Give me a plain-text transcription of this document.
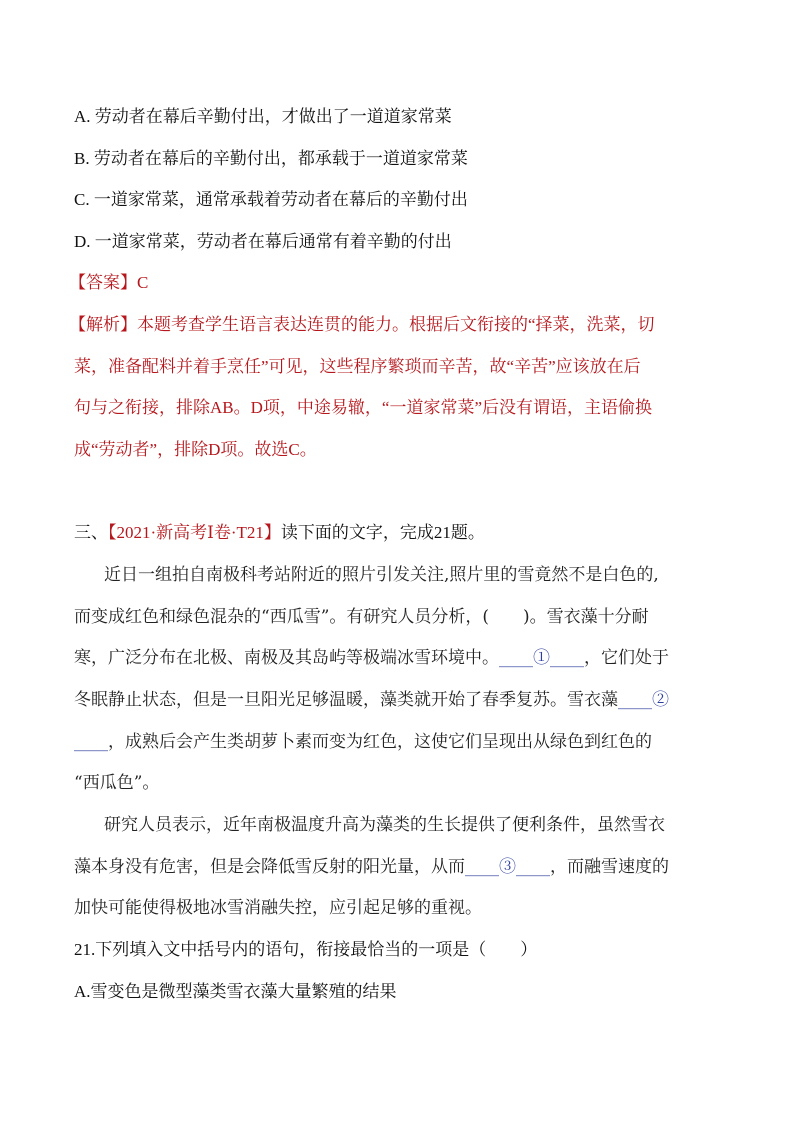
A. 劳动者在幕后辛勤付出，才做出了一道道家常菜
B. 劳动者在幕后的辛勤付出，都承载于一道道家常菜
C. 一道家常菜，通常承载着劳动者在幕后的辛勤付出
D. 一道家常菜，劳动者在幕后通常有着辛勤的付出
【答案】C
【解析】本题考查学生语言表达连贯的能力。根据后文衔接的“择菜，洗菜，切
菜，准备配料并着手烹任”可见，这些程序繁琐而辛苦，故“辛苦”应该放在后
句与之衔接，排除AB。D项，中途易辙，“一道家常菜”后没有谓语，主语偷换
成“劳动者”，排除D项。故选C。
三、【2021·新高考Ⅰ卷·T21】读下面的文字，完成21题。
近日一组拍自南极科考站附近的照片引发关注,照片里的雪竟然不是白色的,
而变成红色和绿色混杂的“西瓜雪”。有研究人员分析，(　　)。雪衣藻十分耐
寒，广泛分布在北极、南极及其岛屿等极端冰雪环境中。____①____，它们处于
冬眠静止状态，但是一旦阳光足够温暖，藻类就开始了春季复苏。雪衣藻____②
____，成熟后会产生类胡萝卜素而变为红色，这使它们呈现出从绿色到红色的
“西瓜色”。
研究人员表示，近年南极温度升高为藻类的生长提供了便利条件，虽然雪衣
藻本身没有危害，但是会降低雪反射的阳光量，从而____③____，而融雪速度的
加快可能使得极地冰雪消融失控，应引起足够的重视。
21.下列填入文中括号内的语句，衔接最恰当的一项是（　　）
A.雪变色是微型藻类雪衣藻大量繁殖的结果
